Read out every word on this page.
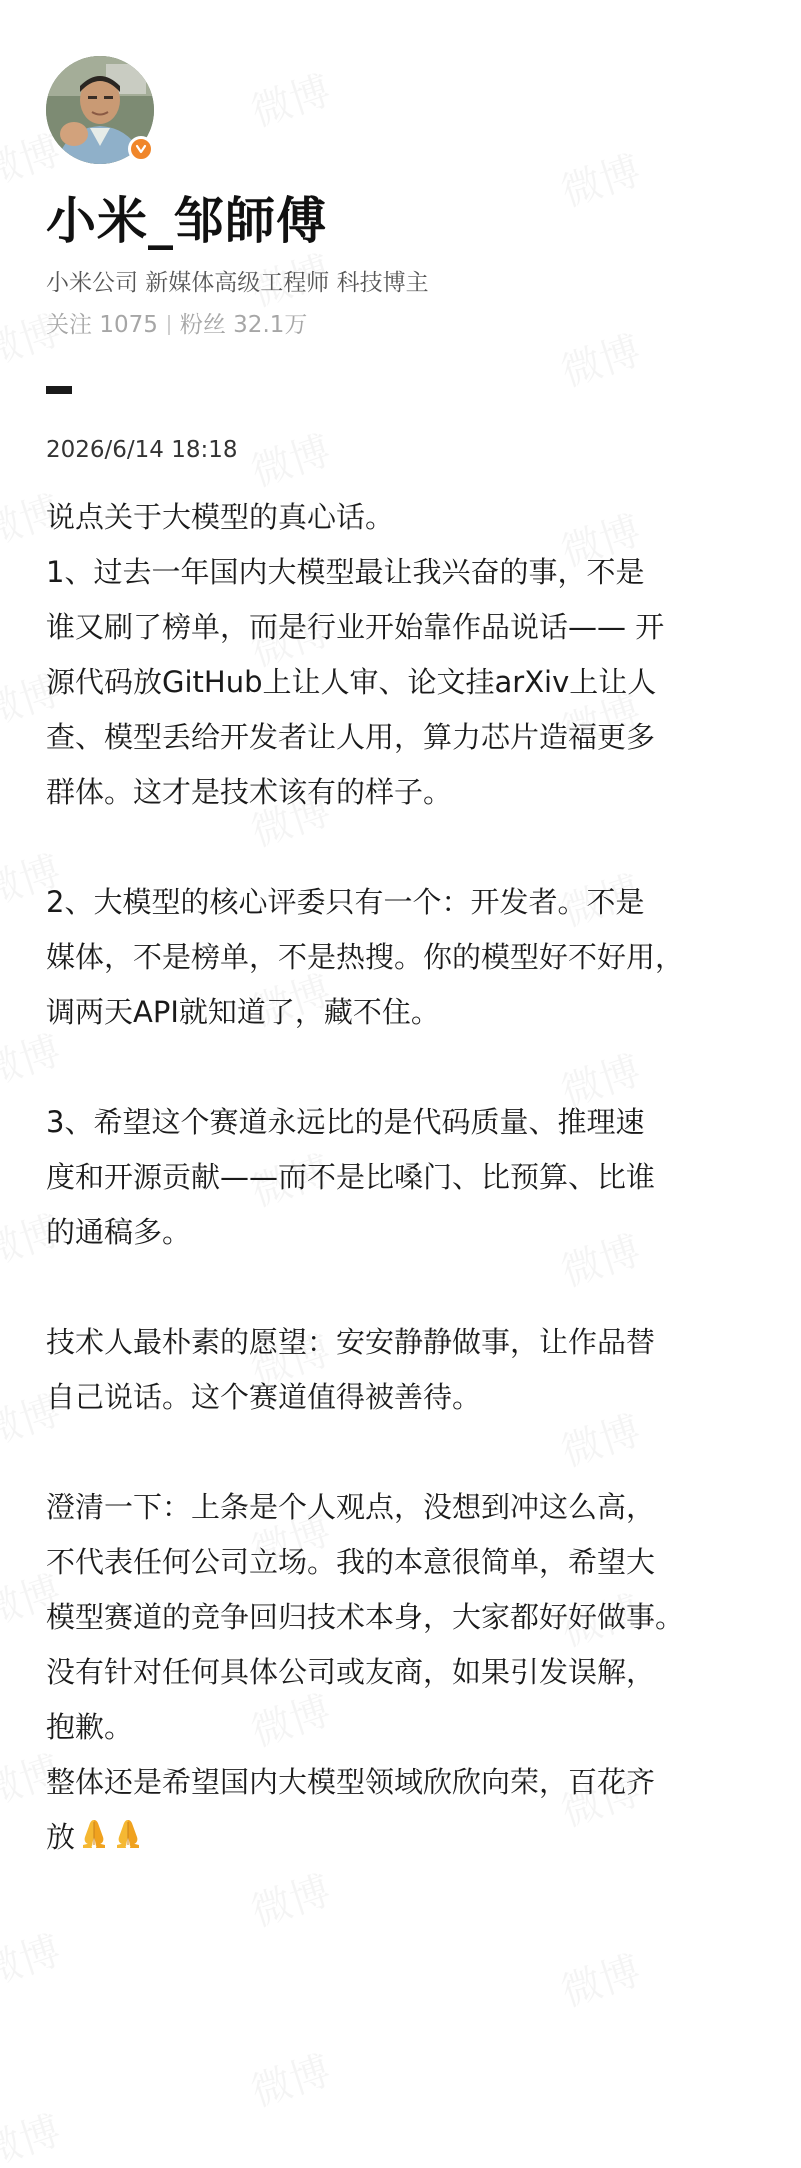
小米_邹師傅
小米公司 新媒体高级工程师 科技博主
关注 1075 粉丝 32.1万
2026/6/14 18:18

说点关于大模型的真心话。

1、过去一年国内大模型最让我兴奋的事，不是

谁又刷了榜单，而是行业开始靠作品说话—— 开

源代码放GitHub上让人审、论文挂arXiv上让人

查、模型丢给开发者让人用，算力芯片造福更多

群体。这才是技术该有的样子。

2、大模型的核心评委只有一个：开发者。不是

媒体，不是榜单，不是热搜。你的模型好不好用，

调两天API就知道了，藏不住。

3、希望这个赛道永远比的是代码质量、推理速

度和开源贡献——而不是比嗓门、比预算、比谁

的通稿多。

技术人最朴素的愿望：安安静静做事，让作品替

自己说话。这个赛道值得被善待。

澄清一下：上条是个人观点，没想到冲这么高，

不代表任何公司立场。我的本意很简单，希望大

模型赛道的竞争回归技术本身，大家都好好做事。

没有针对任何具体公司或友商，如果引发误解，

抱歉。

整体还是希望国内大模型领域欣欣向荣，百花齐

放
